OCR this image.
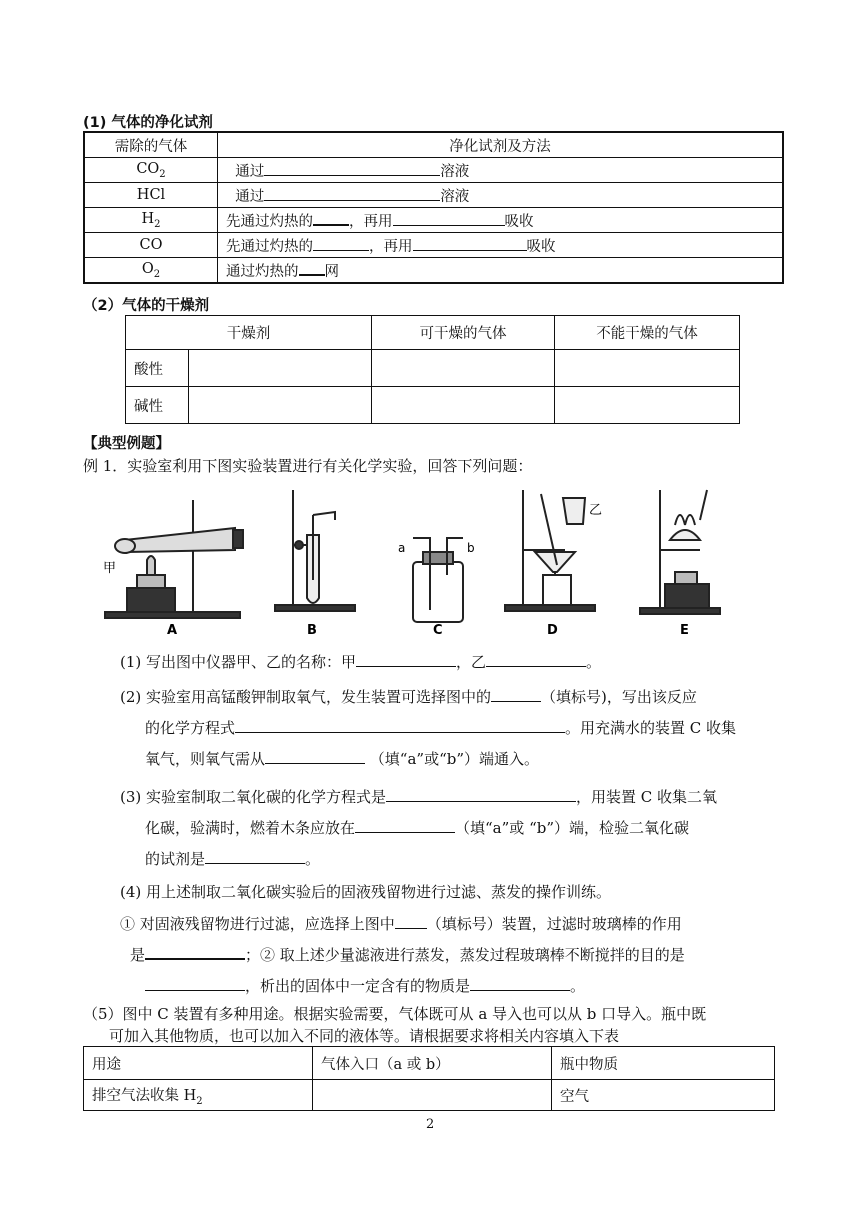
(1) 气体的净化试剂
需除的气体	净化试剂及方法
$CO_2$	通过 溶液
HCl	通过 溶液
$H_2$	先通过灼热的 ，再用 吸收
CO	先通过灼热的 ，再用 吸收
$O_2$	通过灼热的 网
（2）气体的干燥剂
干燥剂		可干燥的气体	不能干燥的气体
酸性			
碱性			
【典型例题】
例 1．实验室利用下图实验装置进行有关化学实验，回答下列问题：
A	B	C	D	E
甲
乙
a	b
(1) 写出图中仪器甲、乙的名称：甲	，乙	。
(2) 实验室用高锰酸钾制取氧气，发生装置可选择图中的	（填标号)，写出该反应
的化学方程式	。用充满水的装置 C 收集
氧气，则氧气需从	（填“a”或“b”）端通入。
(3) 实验室制取二氧化碳的化学方程式是	，用装置 C 收集二氧
化碳，验满时，燃着木条应放在	（填“a”或 “b”）端，检验二氧化碳
的试剂是	。
(4) 用上述制取二氧化碳实验后的固液残留物进行过滤、蒸发的操作训练。
① 对固液残留物进行过滤，应选择上图中 （填标号）装置，过滤时玻璃棒的作用
是	；② 取上述少量滤液进行蒸发，蒸发过程玻璃棒不断搅拌的目的是
，析出的固体中一定含有的物质是	。
（5）图中 C 装置有多种用途。根据实验需要，气体既可从 a 导入也可以从 b 口导入。瓶中既
可加入其他物质，也可以加入不同的液体等。请根据要求将相关内容填入下表
用途	气体入口（a 或 b）	瓶中物质
排空气法收集 $H_2$		空气
2
